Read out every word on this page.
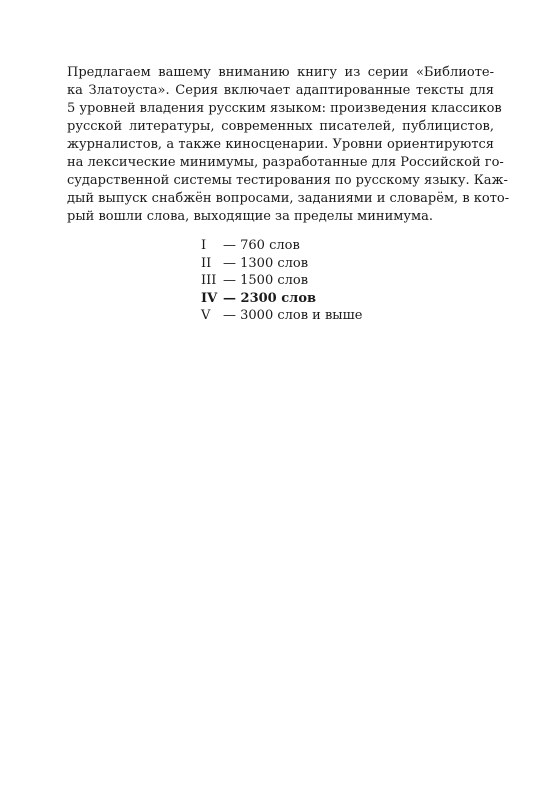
Предлагаем вашему вниманию книгу из серии «Библиоте-
ка Златоуста». Серия включает адаптированные тексты для
5 уровней владения русским языком: произведения классиков
русской литературы, современных писателей, публицистов,
журналистов, а также киносценарии. Уровни ориентируются
на лексические минимумы, разработанные для Российской го-
сударственной системы тестирования по русскому языку. Каж-
дый выпуск снабжён вопросами, заданиями и словарём, в кото-
рый вошли слова, выходящие за пределы минимума.

I	— 760 слов
II — 1300 слов
III — 1500 слов
IV — 2300 слов
V — 3000 слов и выше
